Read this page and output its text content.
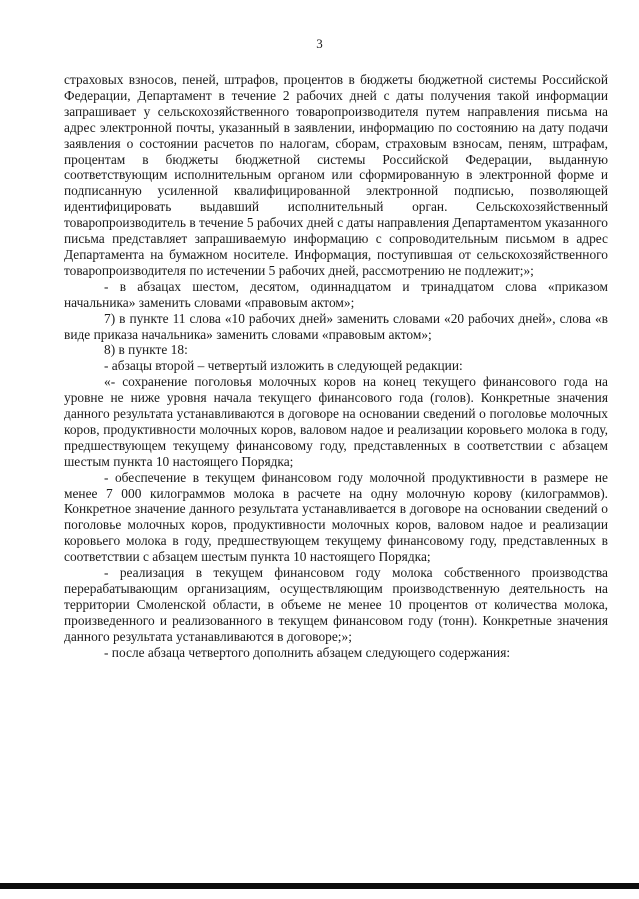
3

страховых взносов, пеней, штрафов, процентов в бюджеты бюджетной системы Российской Федерации, Департамент в течение 2 рабочих дней с даты получения такой информации запрашивает у сельскохозяйственного товаропроизводителя путем направления письма на адрес электронной почты, указанный в заявлении, информацию по состоянию на дату подачи заявления о состоянии расчетов по налогам, сборам, страховым взносам, пеням, штрафам, процентам в бюджеты бюджетной системы Российской Федерации, выданную соответствующим исполнительным органом или сформированную в электронной форме и подписанную усиленной квалифицированной электронной подписью, позволяющей идентифицировать выдавший исполнительный орган. Сельскохозяйственный товаропроизводитель в течение 5 рабочих дней с даты направления Департаментом указанного письма представляет запрашиваемую информацию с сопроводительным письмом в адрес Департамента на бумажном носителе. Информация, поступившая от сельскохозяйственного товаропроизводителя по истечении 5 рабочих дней, рассмотрению не подлежит;»;

- в абзацах шестом, десятом, одиннадцатом и тринадцатом слова «приказом начальника» заменить словами «правовым актом»;

7) в пункте 11 слова «10 рабочих дней» заменить словами «20 рабочих дней», слова «в виде приказа начальника» заменить словами «правовым актом»;

8) в пункте 18:

- абзацы второй – четвертый изложить в следующей редакции:

«- сохранение поголовья молочных коров на конец текущего финансового года на уровне не ниже уровня начала текущего финансового года (голов). Конкретные значения данного результата устанавливаются в договоре на основании сведений о поголовье молочных коров, продуктивности молочных коров, валовом надое и реализации коровьего молока в году, предшествующем текущему финансовому году, представленных в соответствии с абзацем шестым пункта 10 настоящего Порядка;

- обеспечение в текущем финансовом году молочной продуктивности в размере не менее 7 000 килограммов молока в расчете на одну молочную корову (килограммов). Конкретное значение данного результата устанавливается в договоре на основании сведений о поголовье молочных коров, продуктивности молочных коров, валовом надое и реализации коровьего молока в году, предшествующем текущему финансовому году, представленных в соответствии с абзацем шестым пункта 10 настоящего Порядка;

- реализация в текущем финансовом году молока собственного производства перерабатывающим организациям, осуществляющим производственную деятельность на территории Смоленской области, в объеме не менее 10 процентов от количества молока, произведенного и реализованного в текущем финансовом году (тонн). Конкретные значения данного результата устанавливаются в договоре;»;

- после абзаца четвертого дополнить абзацем следующего содержания:
